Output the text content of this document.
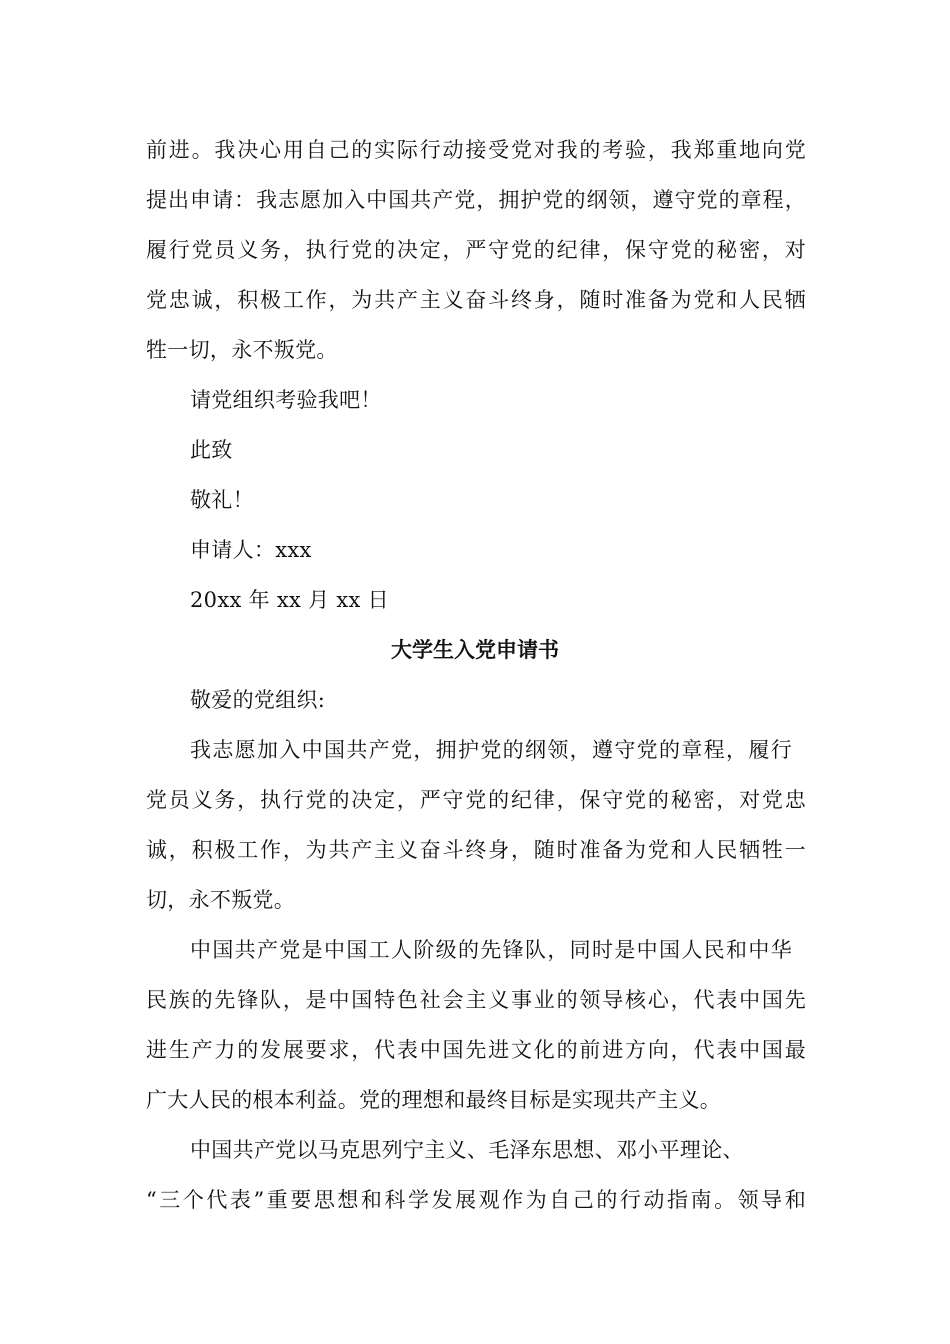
前进。我决心用自己的实际行动接受党对我的考验，我郑重地向党
提出申请：我志愿加入中国共产党，拥护党的纲领，遵守党的章程，
履行党员义务，执行党的决定，严守党的纪律，保守党的秘密，对
党忠诚，积极工作，为共产主义奋斗终身，随时准备为党和人民牺
牲一切，永不叛党。
请党组织考验我吧！
此致
敬礼！
申请人：xxx
20xx 年 xx 月 xx 日
大学生入党申请书
敬爱的党组织:
我志愿加入中国共产党，拥护党的纲领，遵守党的章程，履行
党员义务，执行党的决定，严守党的纪律，保守党的秘密，对党忠
诚，积极工作，为共产主义奋斗终身，随时准备为党和人民牺牲一
切，永不叛党。
中国共产党是中国工人阶级的先锋队，同时是中国人民和中华
民族的先锋队，是中国特色社会主义事业的领导核心，代表中国先
进生产力的发展要求，代表中国先进文化的前进方向，代表中国最
广大人民的根本利益。党的理想和最终目标是实现共产主义。
中国共产党以马克思列宁主义、毛泽东思想、邓小平理论、
“三个代表”重要思想和科学发展观作为自己的行动指南。领导和
